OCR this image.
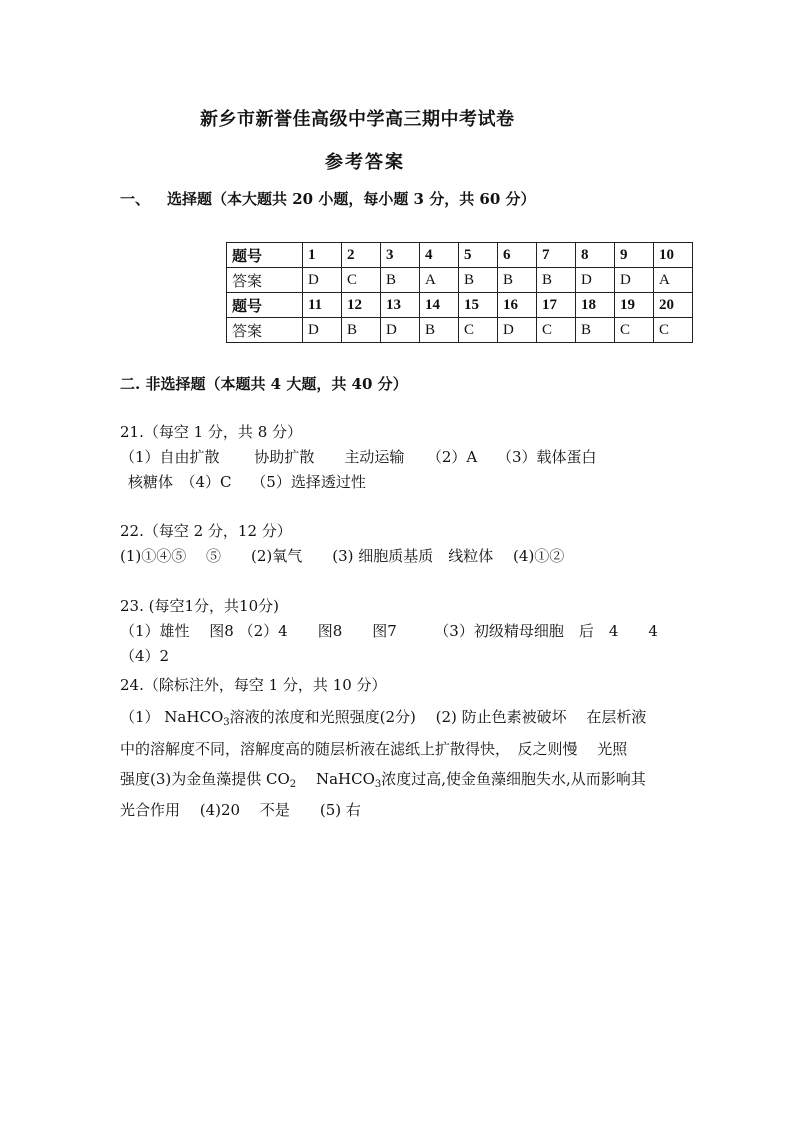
新乡市新誉佳高级中学高三期中考试卷
参考答案
一、 选择题（本大题共 20 小题，每小题 3 分，共 60 分）
题号	1	2	3	4	5	6	7	8	9	10
答案	D	C	B	A	B	B	B	D	D	A
题号	11	12	13	14	15	16	17	18	19	20
答案	D	B	D	B	C	D	C	B	C	C
二. 非选择题（本题共 4 大题，共 40 分）
21.（每空 1 分，共 8 分）
（1）自由扩散　　 协助扩散　　主动运输　　（2）A　 （3）载体蛋白
核糖体　（4）C　 （5）选择透过性
22.（每空 2 分，12 分）
(1)①④⑤　 ⑤　　(2)氧气　　(3) 细胞质基质　线粒体　 (4)①②
23. (每空1分，共10分)
（1）雄性　 图8 （2）4　　图8　　图7　　　（3）初级精母细胞　后　4　　4
（4）2
24.（除标注外，每空 1 分，共 10 分）
（1） NaHCO$_3$溶液的浓度和光照强度(2分)　 (2) 防止色素被破坏　 在层析液
中的溶解度不同，溶解度高的随层析液在滤纸上扩散得快，　反之则慢　 光照
强度(3)为金鱼藻提供 $CO_2$　 NaHCO$_3$浓度过高,使金鱼藻细胞失水,从而影响其
光合作用　 (4)20　 不是　　(5) 右
